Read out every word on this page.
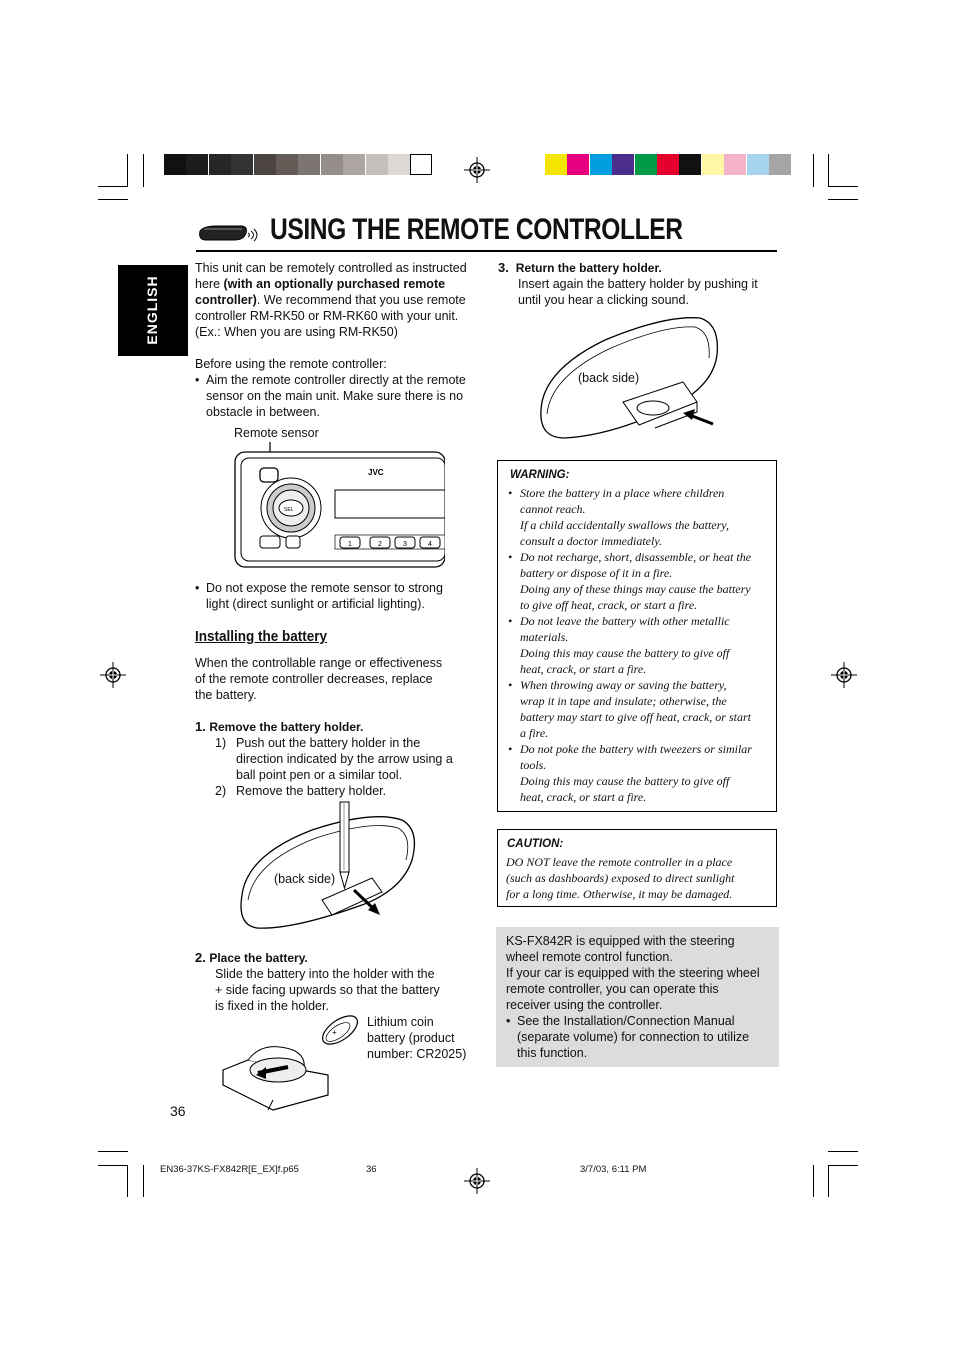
USING THE REMOTE CONTROLLER
ENGLISH
This unit can be remotely controlled as instructed
here (with an optionally purchased remote
controller). We recommend that you use remote
controller RM-RK50 or RM-RK60 with your unit.
(Ex.: When you are using RM-RK50)
Before using the remote controller:
• Aim the remote controller directly at the remote
sensor on the main unit. Make sure there is no
obstacle in between.
Remote sensor
JVC
SEL
1	2	3	4
• Do not expose the remote sensor to strong
light (direct sunlight or artificial lighting).
Installing the battery
When the controllable range or effectiveness
of the remote controller decreases, replace
the battery.
1. Remove the battery holder.
1) Push out the battery holder in the
direction indicated by the arrow using a
ball point pen or a similar tool.
2) Remove the battery holder.
(back side)
2. Place the battery.
Slide the battery into the holder with the
+ side facing upwards so that the battery
is fixed in the holder.
+
Lithium coin
battery (product
number: CR2025)
36
3. Return the battery holder.
Insert again the battery holder by pushing it
until you hear a clicking sound.
(back side)
WARNING:
• Store the battery in a place where children
cannot reach.
If a child accidentally swallows the battery,
consult a doctor immediately.
• Do not recharge, short, disassemble, or heat the
battery or dispose of it in a fire.
Doing any of these things may cause the battery
to give off heat, crack, or start a fire.
• Do not leave the battery with other metallic
materials.
Doing this may cause the battery to give off
heat, crack, or start a fire.
• When throwing away or saving the battery,
wrap it in tape and insulate; otherwise, the
battery may start to give off heat, crack, or start
a fire.
• Do not poke the battery with tweezers or similar
tools.
Doing this may cause the battery to give off
heat, crack, or start a fire.
CAUTION:
DO NOT leave the remote controller in a place
(such as dashboards) exposed to direct sunlight
for a long time. Otherwise, it may be damaged.
KS-FX842R is equipped with the steering
wheel remote control function.
If your car is equipped with the steering wheel
remote controller, you can operate this
receiver using the controller.
• See the Installation/Connection Manual
(separate volume) for connection to utilize
this function.
EN36-37KS-FX842R[E_EX]f.p65	36	3/7/03, 6:11 PM
